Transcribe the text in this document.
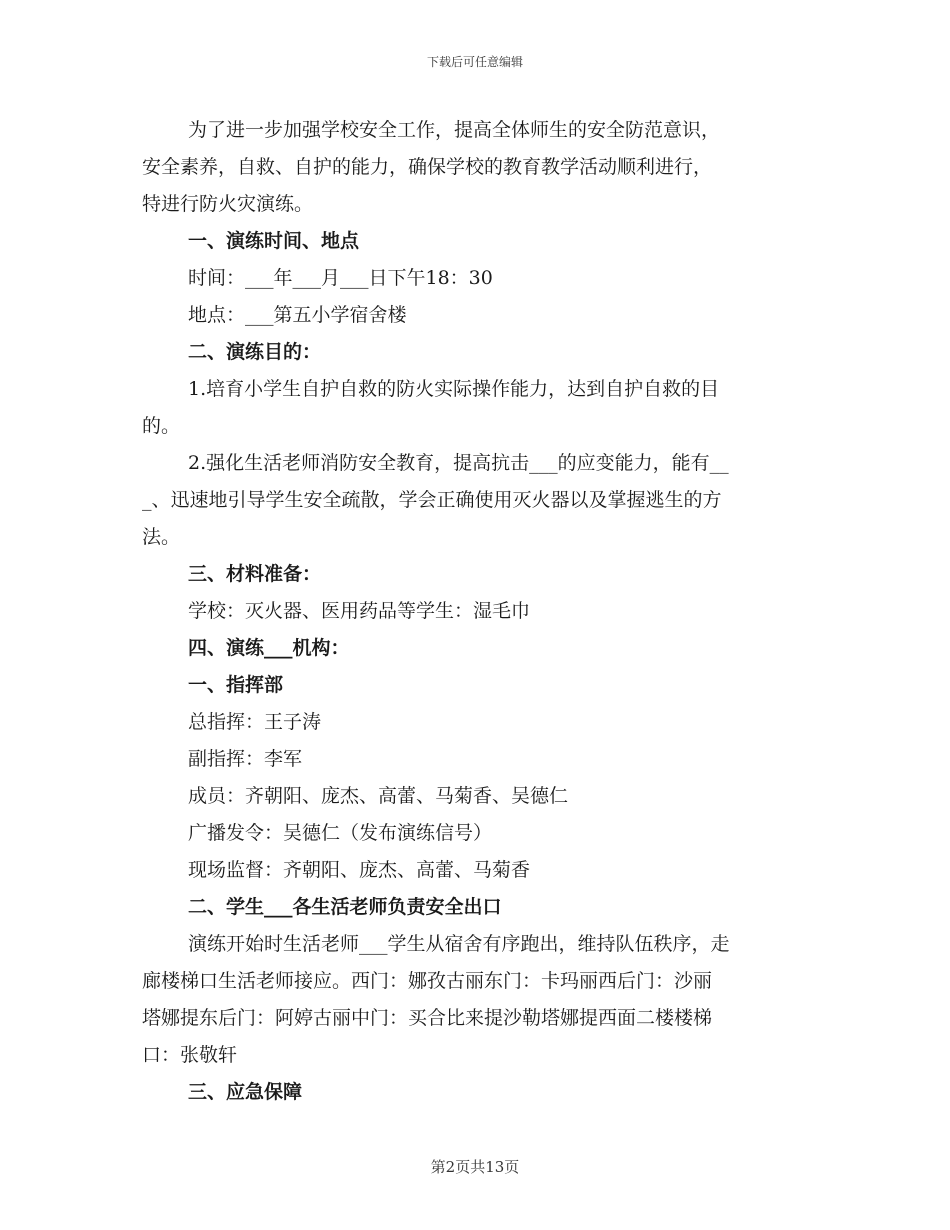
下载后可任意编辑
为了进一步加强学校安全工作，提高全体师生的安全防范意识，
安全素养，自救、自护的能力，确保学校的教育教学活动顺利进行，
特进行防火灾演练。
一、演练时间、地点
时间：___年___月___日下午18：30
地点：___第五小学宿舍楼
二、演练目的：
1.培育小学生自护自救的防火实际操作能力，达到自护自救的目
的。
2.强化生活老师消防安全教育，提高抗击___的应变能力，能有__
_、迅速地引导学生安全疏散，学会正确使用灭火器以及掌握逃生的方
法。
三、材料准备：
学校：灭火器、医用药品等学生：湿毛巾
四、演练___机构：
一、指挥部
总指挥：王子涛
副指挥：李军
成员：齐朝阳、庞杰、高蕾、马菊香、吴德仁
广播发令：吴德仁（发布演练信号）
现场监督：齐朝阳、庞杰、高蕾、马菊香
二、学生___各生活老师负责安全出口
演练开始时生活老师___学生从宿舍有序跑出，维持队伍秩序，走
廊楼梯口生活老师接应。西门：娜孜古丽东门：卡玛丽西后门：沙丽
塔娜提东后门：阿婷古丽中门：买合比来提沙勒塔娜提西面二楼楼梯
口：张敬轩
三、应急保障
第2页共13页
